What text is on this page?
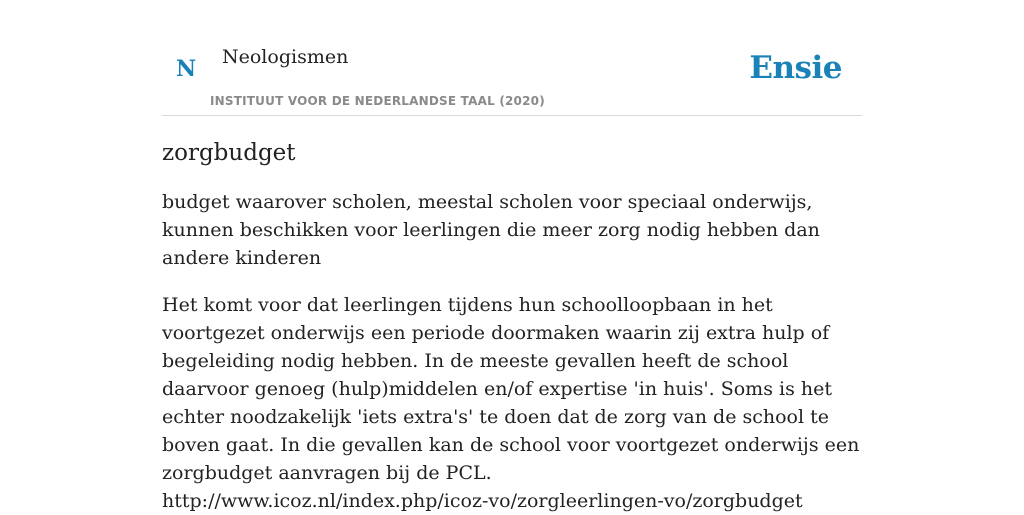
N Neologismen
INSTITUUT VOOR DE NEDERLANDSE TAAL (2020)
Ensie
zorgbudget

budget waarover scholen, meestal scholen voor speciaal onderwijs, kunnen beschikken voor leerlingen die meer zorg nodig hebben dan andere kinderen

Het komt voor dat leerlingen tijdens hun schoolloopbaan in het voortgezet onderwijs een periode doormaken waarin zij extra hulp of begeleiding nodig hebben. In de meeste gevallen heeft de school daarvoor genoeg (hulp)middelen en/of expertise 'in huis'. Soms is het echter noodzakelijk 'iets extra's' te doen dat de zorg van de school te boven gaat. In die gevallen kan de school voor voortgezet onderwijs een zorgbudget aanvragen bij de PCL.
http://www.icoz.nl/index.php/icoz-vo/zorgleerlingen-vo/zorgbudget
